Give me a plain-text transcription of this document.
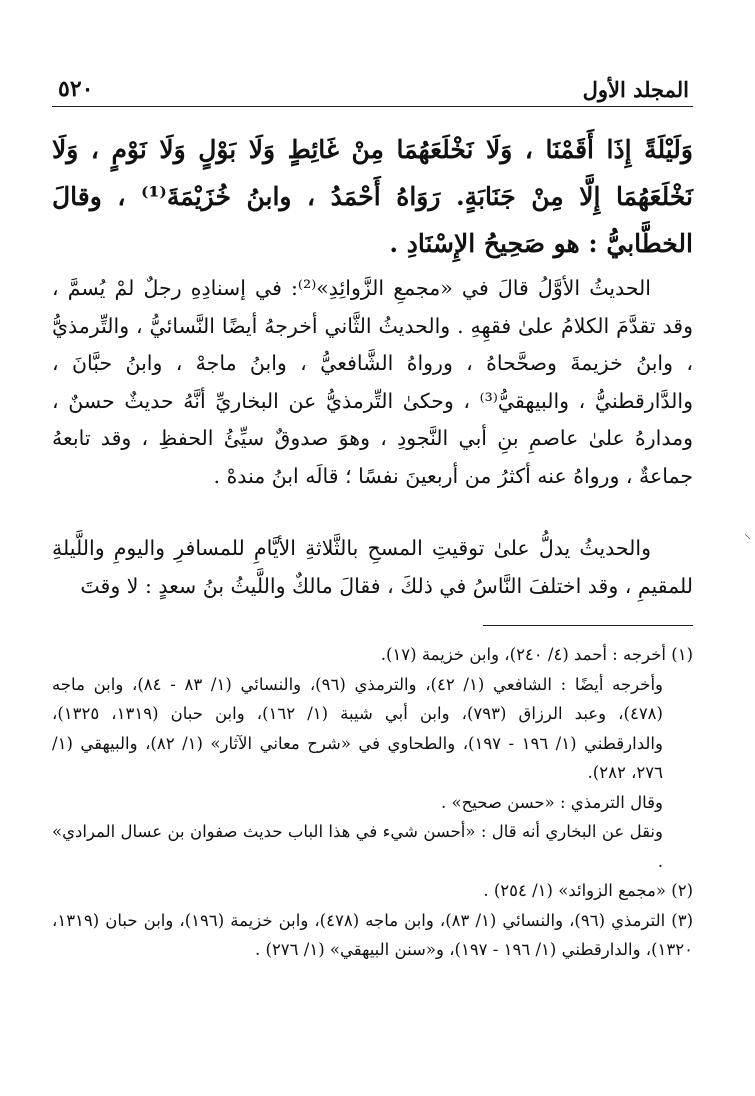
٥٢٠	المجلد الأول
وَلَيْلَةً إِذَا أَقَمْنَا ، وَلَا نَخْلَعَهُمَا مِنْ غَائِطٍ وَلَا بَوْلٍ وَلَا نَوْمٍ ، وَلَا نَخْلَعَهُمَا إِلَّا مِنْ جَنَابَةٍ. رَوَاهُ أَحْمَدُ ، وابنُ خُزَيْمَةَ⁽¹⁾ ، وقالَ الخطَّابيُّ : هو صَحِيحُ الإِسْنَادِ .

الحديثُ الأوَّلُ قالَ في «مجمعِ الزَّوائِدِ»⁽²⁾: في إسنادِهِ رجلٌ لمْ يُسمَّ ، وقد تقدَّمَ الكلامُ علىٰ فقهِهِ . والحديثُ الثَّاني أخرجهُ أيضًا النَّسائيُّ ، والتِّرمذيُّ ، وابنُ خزيمةَ وصحَّحاهُ ، ورواهُ الشَّافعيُّ ، وابنُ ماجهْ ، وابنُ حبَّانَ ، والدَّارقطنيُّ ، والبيهقيُّ⁽³⁾ ، وحكىٰ التِّرمذيُّ عن البخاريِّ أنَّهُ حديثٌ حسنٌ ، ومدارهُ علىٰ عاصمِ بنِ أبي النَّجودِ ، وهوَ صدوقٌ سيِّئُ الحفظِ ، وقد تابعهُ جماعةٌ ، ورواهُ عنه أكثرُ من أربعينَ نفسًا ؛ قالَه ابنُ مندهْ .

⸌

والحديثُ يدلُّ علىٰ توقيتِ المسحِ بالثَّلاثةِ الأيَّامِ للمسافرِ واليومِ واللَّيلةِ للمقيمِ ، وقد اختلفَ النَّاسُ في ذلكَ ، فقالَ مالكٌ واللَّيثُ بنُ سعدٍ : لا وقتَ

(١) أخرجه : أحمد (٤/ ٢٤٠)، وابن خزيمة (١٧).

وأخرجه أيضًا : الشافعي (١/ ٤٢)، والترمذي (٩٦)، والنسائي (١/ ٨٣ - ٨٤)، وابن ماجه (٤٧٨)، وعبد الرزاق (٧٩٣)، وابن أبي شيبة (١/ ١٦٢)، وابن حبان (١٣١٩، ١٣٢٥)، والدارقطني (١/ ١٩٦ - ١٩٧)، والطحاوي في «شرح معاني الآثار» (١/ ٨٢)، والبيهقي (١/ ٢٧٦، ٢٨٢).

وقال الترمذي : «حسن صحيح» .

ونقل عن البخاري أنه قال : «أحسن شيء في هذا الباب حديث صفوان بن عسال المرادي» .

(٢) «مجمع الزوائد» (١/ ٢٥٤) .

(٣) الترمذي (٩٦)، والنسائي (١/ ٨٣)، وابن ماجه (٤٧٨)، وابن خزيمة (١٩٦)، وابن حبان (١٣١٩، ١٣٢٠)، والدارقطني (١/ ١٩٦ - ١٩٧)، و«سنن البيهقي» (١/ ٢٧٦) .
